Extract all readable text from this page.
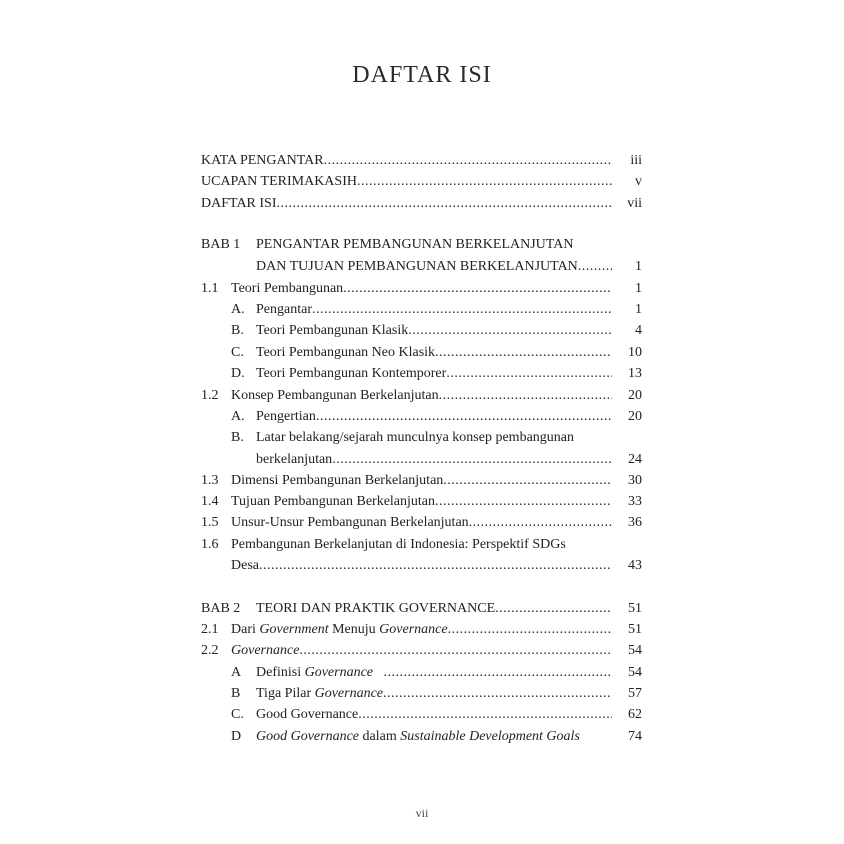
DAFTAR ISI
KATA PENGANTAR .....	iii
UCAPAN TERIMAKASIH .....	v
DAFTAR ISI .....	vii
BAB 1 PENGANTAR PEMBANGUNAN BERKELANJUTAN
DAN TUJUAN PEMBANGUNAN BERKELANJUTAN .....	1
1.1 Teori Pembangunan .....	1
A. Pengantar .....	1
B. Teori Pembangunan Klasik .....	4
C. Teori Pembangunan Neo Klasik .....	10
D. Teori Pembangunan Kontemporer .....	13
1.2 Konsep Pembangunan Berkelanjutan .....	20
A. Pengertian .....	20
B. Latar belakang/sejarah munculnya konsep pembangunan
berkelanjutan .....	24
1.3 Dimensi Pembangunan Berkelanjutan .....	30
1.4 Tujuan Pembangunan Berkelanjutan .....	33
1.5 Unsur-Unsur Pembangunan Berkelanjutan .....	36
1.6 Pembangunan Berkelanjutan di Indonesia: Perspektif SDGs
Desa .....	43
BAB 2 TEORI DAN PRAKTIK GOVERNANCE .....	51
2.1 Dari Government Menuju Governance .....	51
2.2 Governance .....	54
A Definisi Governance .....	54
B Tiga Pilar Governance .....	57
C. Good Governance .....	62
D Good Governance dalam Sustainable Development Goals	74
vii
